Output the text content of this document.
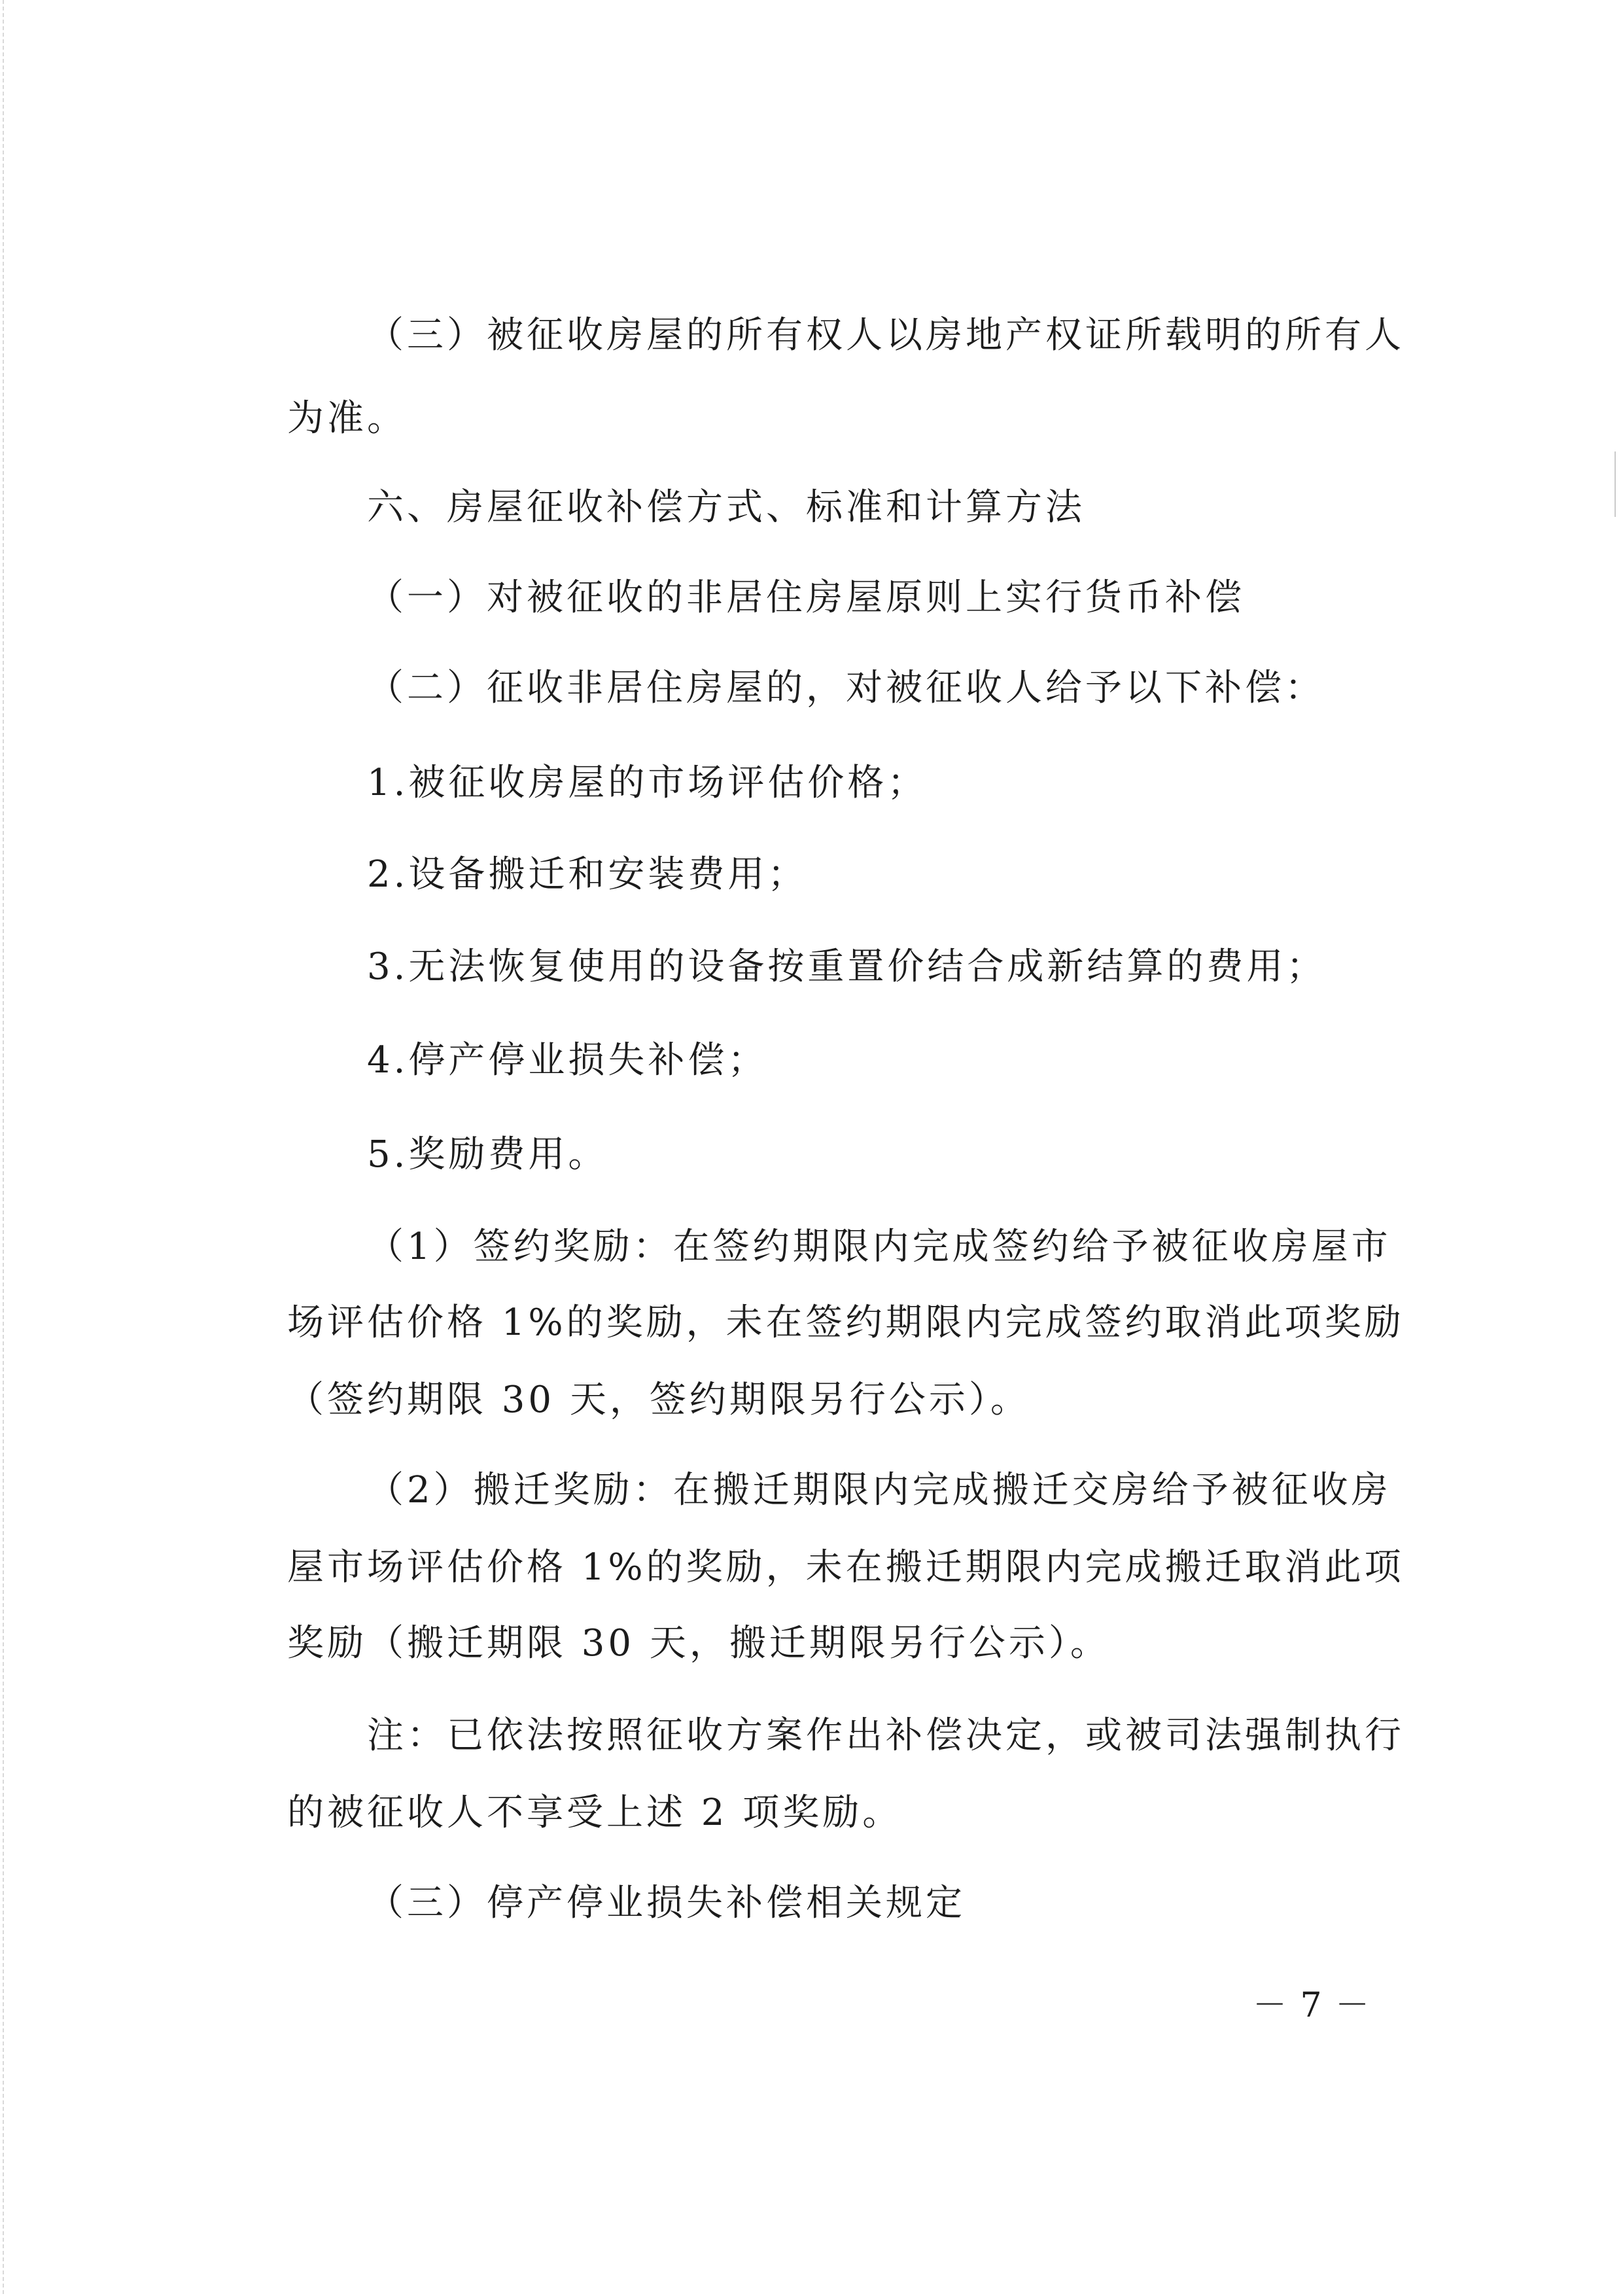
（三）被征收房屋的所有权人以房地产权证所载明的所有人
为准。
六、房屋征收补偿方式、标准和计算方法
（一）对被征收的非居住房屋原则上实行货币补偿
（二）征收非居住房屋的，对被征收人给予以下补偿：
1.被征收房屋的市场评估价格；
2.设备搬迁和安装费用；
3.无法恢复使用的设备按重置价结合成新结算的费用；
4.停产停业损失补偿；
5.奖励费用。
（1）签约奖励：在签约期限内完成签约给予被征收房屋市
场评估价格 1%的奖励，未在签约期限内完成签约取消此项奖励
（签约期限 30 天，签约期限另行公示）。
（2）搬迁奖励：在搬迁期限内完成搬迁交房给予被征收房
屋市场评估价格 1%的奖励，未在搬迁期限内完成搬迁取消此项
奖励（搬迁期限 30 天，搬迁期限另行公示）。
注：已依法按照征收方案作出补偿决定，或被司法强制执行
的被征收人不享受上述 2 项奖励。
（三）停产停业损失补偿相关规定
－ 7 －
